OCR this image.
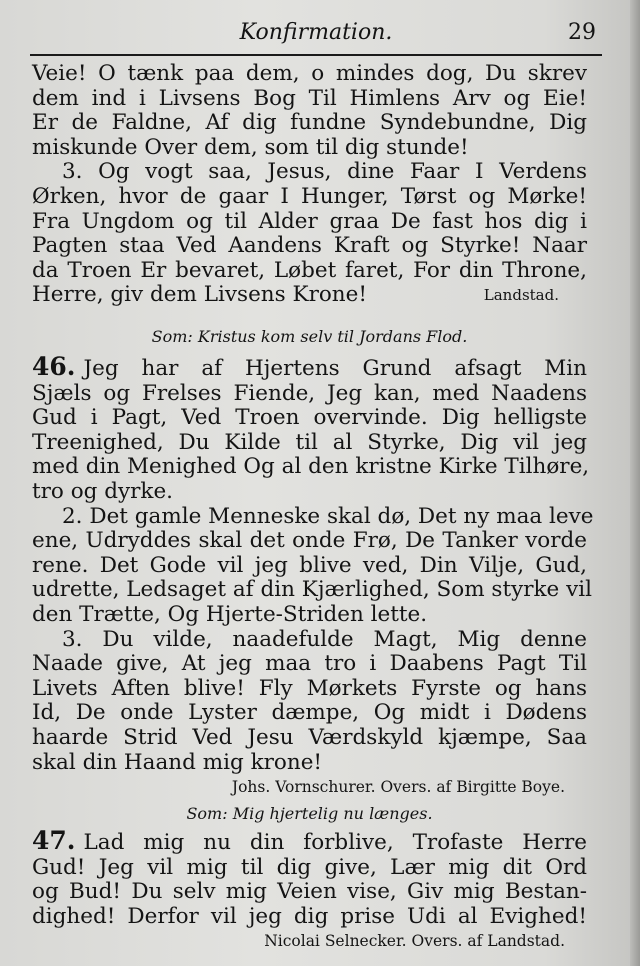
Konfirmation.	29
Veie! O tænk paa dem, o mindes dog, Du skrev
dem ind i Livsens Bog Til Himlens Arv og Eie!
Er de Faldne, Af dig fundne Syndebundne, Dig
miskunde Over dem, som til dig stunde!
3. Og vogt saa, Jesus, dine Faar I Verdens
Ørken, hvor de gaar I Hunger, Tørst og Mørke!
Fra Ungdom og til Alder graa De fast hos dig i
Pagten staa Ved Aandens Kraft og Styrke! Naar
da Troen Er bevaret, Løbet faret, For din Throne,
Herre, giv dem Livsens Krone!	Landstad.
Som: Kristus kom selv til Jordans Flod.
46. Jeg har af Hjertens Grund afsagt Min
Sjæls og Frelses Fiende, Jeg kan, med Naadens
Gud i Pagt, Ved Troen overvinde. Dig helligste
Treenighed, Du Kilde til al Styrke, Dig vil jeg
med din Menighed Og al den kristne Kirke Tilhøre,
tro og dyrke.
2. Det gamle Menneske skal dø, Det ny maa leve
ene, Udryddes skal det onde Frø, De Tanker vorde
rene. Det Gode vil jeg blive ved, Din Vilje, Gud,
udrette, Ledsaget af din Kjærlighed, Som styrke vil
den Trætte, Og Hjerte-Striden lette.
3. Du vilde, naadefulde Magt, Mig denne
Naade give, At jeg maa tro i Daabens Pagt Til
Livets Aften blive! Fly Mørkets Fyrste og hans
Id, De onde Lyster dæmpe, Og midt i Dødens
haarde Strid Ved Jesu Værdskyld kjæmpe, Saa
skal din Haand mig krone!
Johs. Vornschurer. Overs. af Birgitte Boye.
Som: Mig hjertelig nu længes.
47. Lad mig nu din forblive, Trofaste Herre
Gud! Jeg vil mig til dig give, Lær mig dit Ord
og Bud! Du selv mig Veien vise, Giv mig Bestan-
dighed! Derfor vil jeg dig prise Udi al Evighed!
Nicolai Selnecker. Overs. af Landstad.
